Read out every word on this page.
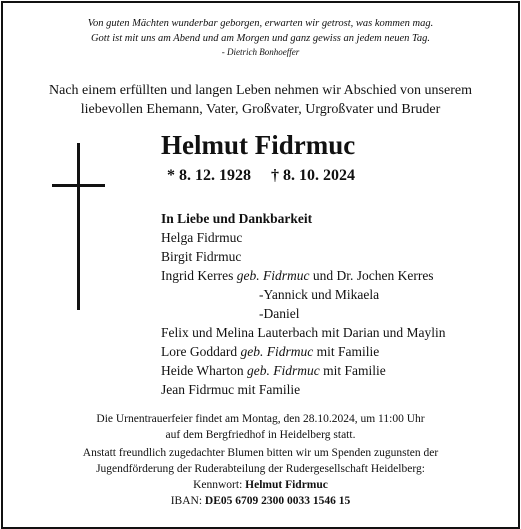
Von guten Mächten wunderbar geborgen, erwarten wir getrost, was kommen mag.
Gott ist mit uns am Abend und am Morgen und ganz gewiss an jedem neuen Tag.
- Dietrich Bonhoeffer
Nach einem erfüllten und langen Leben nehmen wir Abschied von unserem
liebevollen Ehemann, Vater, Großvater, Urgroßvater und Bruder
Helmut Fidrmuc
* 8. 12. 1928 † 8. 10. 2024
In Liebe und Dankbarkeit
Helga Fidrmuc
Birgit Fidrmuc
Ingrid Kerres geb. Fidrmuc und Dr. Jochen Kerres
-Yannick und Mikaela
-Daniel
Felix und Melina Lauterbach mit Darian und Maylin
Lore Goddard geb. Fidrmuc mit Familie
Heide Wharton geb. Fidrmuc mit Familie
Jean Fidrmuc mit Familie
Die Urnentrauerfeier findet am Montag, den 28.10.2024, um 11:00 Uhr
auf dem Bergfriedhof in Heidelberg statt.
Anstatt freundlich zugedachter Blumen bitten wir um Spenden zugunsten der
Jugendförderung der Ruderabteilung der Rudergesellschaft Heidelberg:
Kennwort: Helmut Fidrmuc
IBAN: DE05 6709 2300 0033 1546 15
